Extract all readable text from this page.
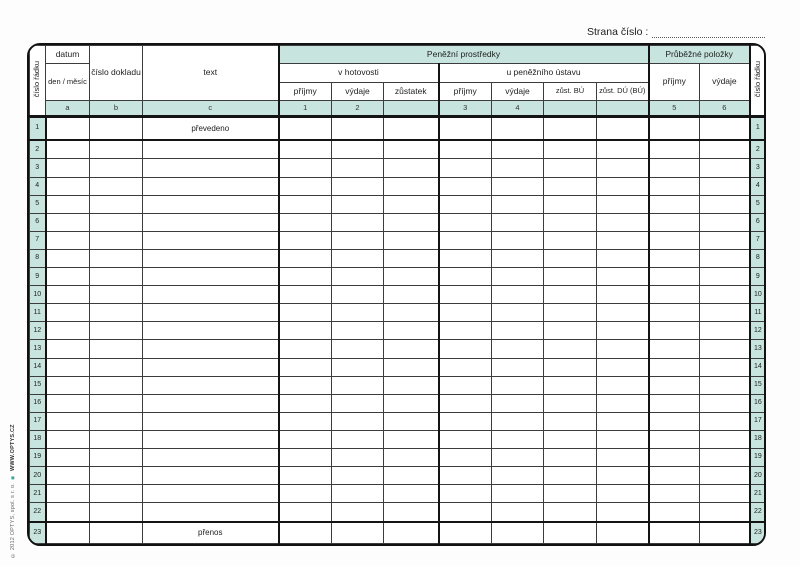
Strana číslo :
© 2012 OPTYS, spol. s r. o.
■
WWW.OPTYS.CZ
číslo řádku	datum	číslo dokladu	text	Peněžní prostředky							Průběžné položky		číslo řádku
	den / měsíc			v hotovosti			u peněžního ústavu				příjmy	výdaje	
				příjmy	výdaje	zůstatek	příjmy	výdaje	zůst. BÚ	zůst. DÚ (BÚ)			
	a	b	c	1	2		3	4			5	6	
1			převedeno										1
2													2
3													3
4													4
5													5
6													6
7													7
8													8
9													9
10													10
11													11
12													12
13													13
14													14
15													15
16													16
17													17
18													18
19													19
20													20
21													21
22													22
23			přenos										23
